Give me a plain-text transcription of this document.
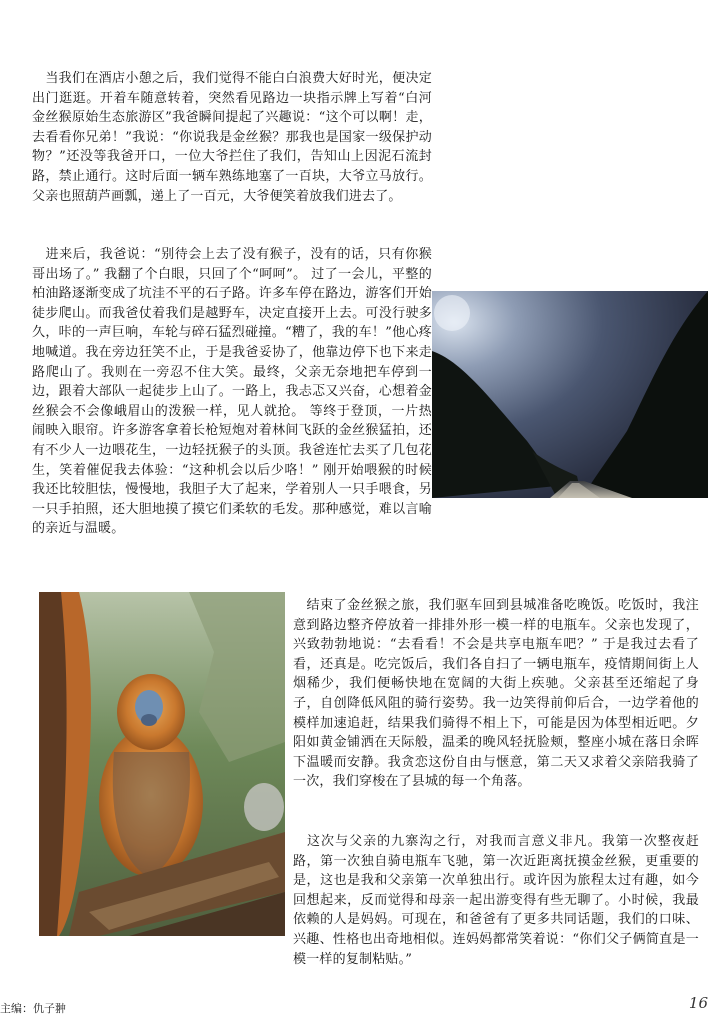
　当我们在酒店小憩之后，我们觉得不能白白浪费大好时光，便决定出门逛逛。开着车随意转着，突然看见路边一块指示牌上写着“白河金丝猴原始生态旅游区”我爸瞬间提起了兴趣说：“这个可以啊！走，去看看你兄弟！”我说：“你说我是金丝猴？那我也是国家一级保护动物？”还没等我爸开口，一位大爷拦住了我们，告知山上因泥石流封路，禁止通行。这时后面一辆车熟练地塞了一百块，大爷立马放行。父亲也照葫芦画瓢，递上了一百元，大爷便笑着放我们进去了。

　进来后，我爸说：“别待会上去了没有猴子，没有的话，只有你猴哥出场了。” 我翻了个白眼，只回了个“呵呵”。 过了一会儿，平整的柏油路逐渐变成了坑洼不平的石子路。许多车停在路边，游客们开始徒步爬山。而我爸仗着我们是越野车，决定直接开上去。可没行驶多久，咔的一声巨响，车轮与碎石猛烈碰撞。“糟了，我的车！”他心疼地喊道。我在旁边狂笑不止，于是我爸妥协了，他靠边停下也下来走路爬山了。我则在一旁忍不住大笑。最终，父亲无奈地把车停到一边，跟着大部队一起徒步上山了。一路上，我忐忑又兴奋，心想着金丝猴会不会像峨眉山的泼猴一样，见人就抢。 等终于登顶，一片热闹映入眼帘。许多游客拿着长枪短炮对着林间飞跃的金丝猴猛拍，还有不少人一边喂花生，一边轻抚猴子的头顶。我爸连忙去买了几包花生，笑着催促我去体验：“这种机会以后少咯！” 刚开始喂猴的时候我还比较胆怯，慢慢地，我胆子大了起来，学着别人一只手喂食，另一只手拍照，还大胆地摸了摸它们柔软的毛发。那种感觉，难以言喻的亲近与温暖。

　结束了金丝猴之旅，我们驱车回到县城准备吃晚饭。吃饭时，我注意到路边整齐停放着一排排外形一模一样的电瓶车。父亲也发现了，兴致勃勃地说：“去看看！不会是共享电瓶车吧？” 于是我过去看了看，还真是。吃完饭后，我们各自扫了一辆电瓶车，疫情期间街上人烟稀少，我们便畅快地在宽阔的大街上疾驰。父亲甚至还缩起了身子，自创降低风阻的骑行姿势。我一边笑得前仰后合，一边学着他的模样加速追赶，结果我们骑得不相上下，可能是因为体型相近吧。夕阳如黄金铺洒在天际般，温柔的晚风轻抚脸颊，整座小城在落日余晖下温暖而安静。我贪恋这份自由与惬意，第二天又求着父亲陪我骑了一次，我们穿梭在了县城的每一个角落。

　这次与父亲的九寨沟之行，对我而言意义非凡。我第一次整夜赶路，第一次独自骑电瓶车飞驰，第一次近距离抚摸金丝猴，更重要的是，这也是我和父亲第一次单独出行。或许因为旅程太过有趣，如今回想起来，反而觉得和母亲一起出游变得有些无聊了。小时候，我最依赖的人是妈妈。可现在，和爸爸有了更多共同话题，我们的口味、兴趣、性格也出奇地相似。连妈妈都常笑着说：“你们父子俩简直是一模一样的复制粘贴。”

主编：仇子翀	16
